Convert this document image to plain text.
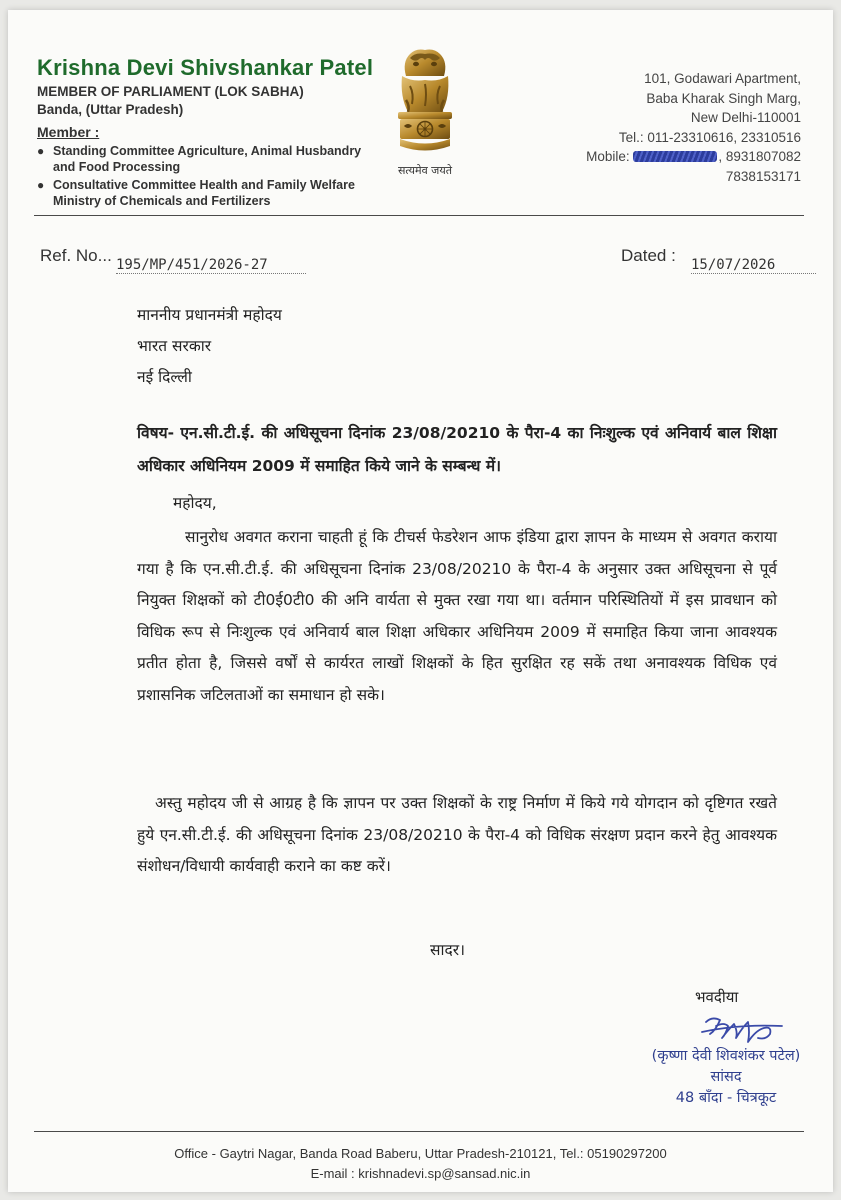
Krishna Devi Shivshankar Patel
MEMBER OF PARLIAMENT (LOK SABHA)
Banda, (Uttar Pradesh)
Member :
● Standing Committee Agriculture, Animal Husbandry and Food Processing
● Consultative Committee Health and Family Welfare Ministry of Chemicals and Fertilizers
सत्यमेव जयते
101, Godawari Apartment,
Baba Kharak Singh Marg,
New Delhi-110001
Tel.: 011-23310616, 23310516
Mobile:	, 8931807082
7838153171
Ref. No... 195/MP/451/2026-27	Dated : 15/07/2026
माननीय प्रधानमंत्री महोदय
भारत सरकार
नई दिल्ली
विषय- एन.सी.टी.ई. की अधिसूचना दिनांक 23/08/20210 के पैरा-4 का निःशुल्क एवं अनिवार्य बाल शिक्षा अधिकार अधिनियम 2009 में समाहित किये जाने के सम्बन्ध में।
महोदय,
सानुरोध अवगत कराना चाहती हूं कि टीचर्स फेडरेशन आफ इंडिया द्वारा ज्ञापन के माध्यम से अवगत कराया गया है कि एन.सी.टी.ई. की अधिसूचना दिनांक 23/08/20210 के पैरा-4 के अनुसार उक्त अधिसूचना से पूर्व नियुक्त शिक्षकों को टी0ई0टी0 की अनि वार्यता से मुक्त रखा गया था। वर्तमान परिस्थितियों में इस प्रावधान को विधिक रूप से निःशुल्क एवं अनिवार्य बाल शिक्षा अधिकार अधिनियम 2009 में समाहित किया जाना आवश्यक प्रतीत होता है, जिससे वर्षों से कार्यरत लाखों शिक्षकों के हित सुरक्षित रह सकें तथा अनावश्यक विधिक एवं प्रशासनिक जटिलताओं का समाधान हो सके।
अस्तु महोदय जी से आग्रह है कि ज्ञापन पर उक्त शिक्षकों के राष्ट्र निर्माण में किये गये योगदान को दृष्टिगत रखते हुये एन.सी.टी.ई. की अधिसूचना दिनांक 23/08/20210 के पैरा-4 को विधिक संरक्षण प्रदान करने हेतु आवश्यक संशोधन/विधायी कार्यवाही कराने का कष्ट करें।
सादर।
भवदीया
(कृष्णा देवी शिवशंकर पटेल)
सांसद
48 बाँदा - चित्रकूट
Office - Gaytri Nagar, Banda Road Baberu, Uttar Pradesh-210121, Tel.: 05190297200
E-mail : krishnadevi.sp@sansad.nic.in
